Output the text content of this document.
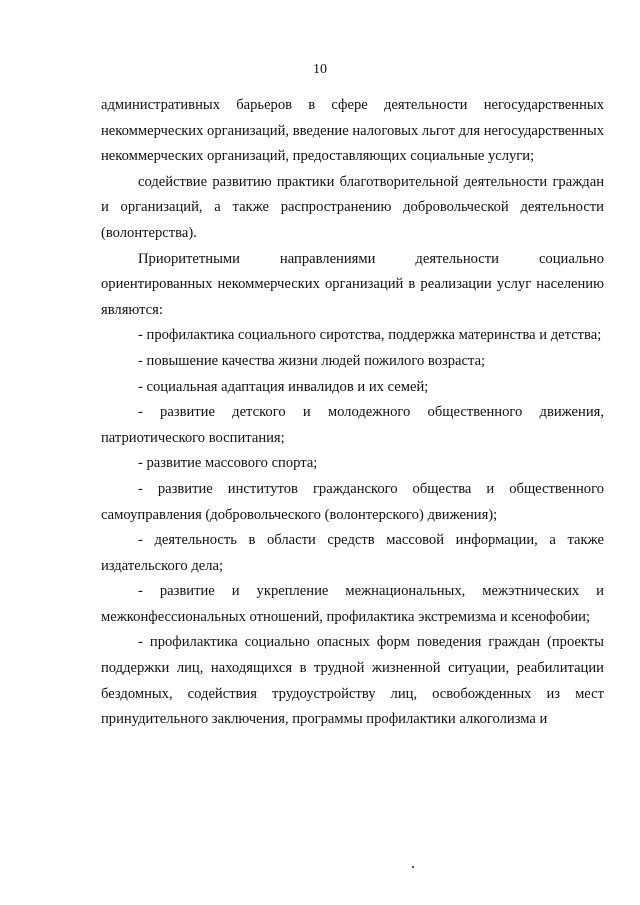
10

административных барьеров в сфере деятельности негосударственных некоммерческих организаций, введение налоговых льгот для негосударственных некоммерческих организаций, предоставляющих социальные услуги;

содействие развитию практики благотворительной деятельности граждан и организаций, а также распространению добровольческой деятельности (волонтерства).

Приоритетными направлениями деятельности социально ориентированных некоммерческих организаций в реализации услуг населению являются:

- профилактика социального сиротства, поддержка материнства и детства;

- повышение качества жизни людей пожилого возраста;

- социальная адаптация инвалидов и их семей;

- развитие детского и молодежного общественного движения, патриотического воспитания;

- развитие массового спорта;

- развитие институтов гражданского общества и общественного самоуправления (добровольческого (волонтерского) движения);

- деятельность в области средств массовой информации, а также издательского дела;

- развитие и укрепление межнациональных, межэтнических и межконфессиональных отношений, профилактика экстремизма и ксенофобии;

- профилактика социально опасных форм поведения граждан (проекты поддержки лиц, находящихся в трудной жизненной ситуации, реабилитации бездомных, содействия трудоустройству лиц, освобожденных из мест принудительного заключения, программы профилактики алкоголизма и
